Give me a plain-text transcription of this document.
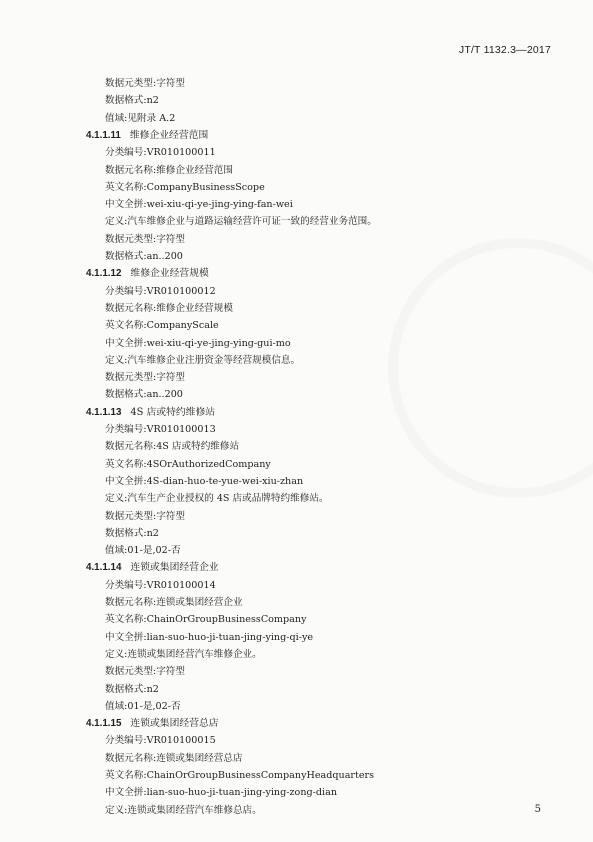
JT/T 1132.3—2017
数据元类型:字符型
数据格式:n2
值域:见附录 A.2
4.1.1.11 维修企业经营范围
分类编号:VR010100011
数据元名称:维修企业经营范围
英文名称:CompanyBusinessScope
中文全拼:wei-xiu-qi-ye-jing-ying-fan-wei
定义:汽车维修企业与道路运输经营许可证一致的经营业务范围。
数据元类型:字符型
数据格式:an..200
4.1.1.12 维修企业经营规模
分类编号:VR010100012
数据元名称:维修企业经营规模
英文名称:CompanyScale
中文全拼:wei-xiu-qi-ye-jing-ying-gui-mo
定义:汽车维修企业注册资金等经营规模信息。
数据元类型:字符型
数据格式:an..200
4.1.1.13 4S 店或特约维修站
分类编号:VR010100013
数据元名称:4S 店或特约维修站
英文名称:4SOrAuthorizedCompany
中文全拼:4S-dian-huo-te-yue-wei-xiu-zhan
定义:汽车生产企业授权的 4S 店或品牌特约维修站。
数据元类型:字符型
数据格式:n2
值域:01-是,02-否
4.1.1.14 连锁或集团经营企业
分类编号:VR010100014
数据元名称:连锁或集团经营企业
英文名称:ChainOrGroupBusinessCompany
中文全拼:lian-suo-huo-ji-tuan-jing-ying-qi-ye
定义:连锁或集团经营汽车维修企业。
数据元类型:字符型
数据格式:n2
值域:01-是,02-否
4.1.1.15 连锁或集团经营总店
分类编号:VR010100015
数据元名称:连锁或集团经营总店
英文名称:ChainOrGroupBusinessCompanyHeadquarters
中文全拼:lian-suo-huo-ji-tuan-jing-ying-zong-dian
定义:连锁或集团经营汽车维修总店。	5
